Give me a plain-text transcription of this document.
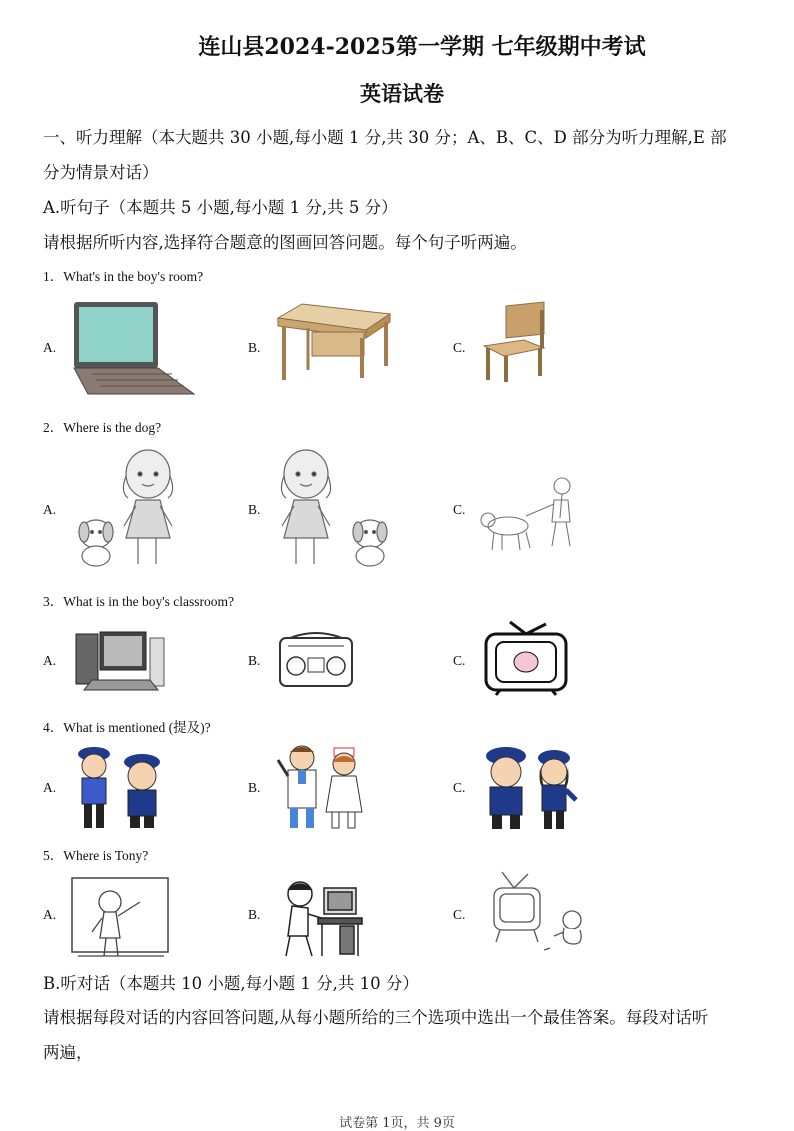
连山县2024-2025第一学期 七年级期中考试
英语试卷
一、听力理解（本大题共 30 小题,每小题 1 分,共 30 分；A、B、C、D 部分为听力理解,E 部
分为情景对话）
A.听句子（本题共 5 小题,每小题 1 分,共 5 分）
请根据所听内容,选择符合题意的图画回答问题。每个句子听两遍。
1．What's in the boy's room?
A.	B.	C.
2．Where is the dog?
A.	B.	C.
3．What is in the boy's classroom?
A.	B.	C.
4．What is mentioned (提及)?
A.	B.	C.
5．Where is Tony?
A.	B.	C.
B.听对话（本题共 10 小题,每小题 1 分,共 10 分）
请根据每段对话的内容回答问题,从每小题所给的三个选项中选出一个最佳答案。每段对话听
两遍，
试卷第 1页，共 9页
